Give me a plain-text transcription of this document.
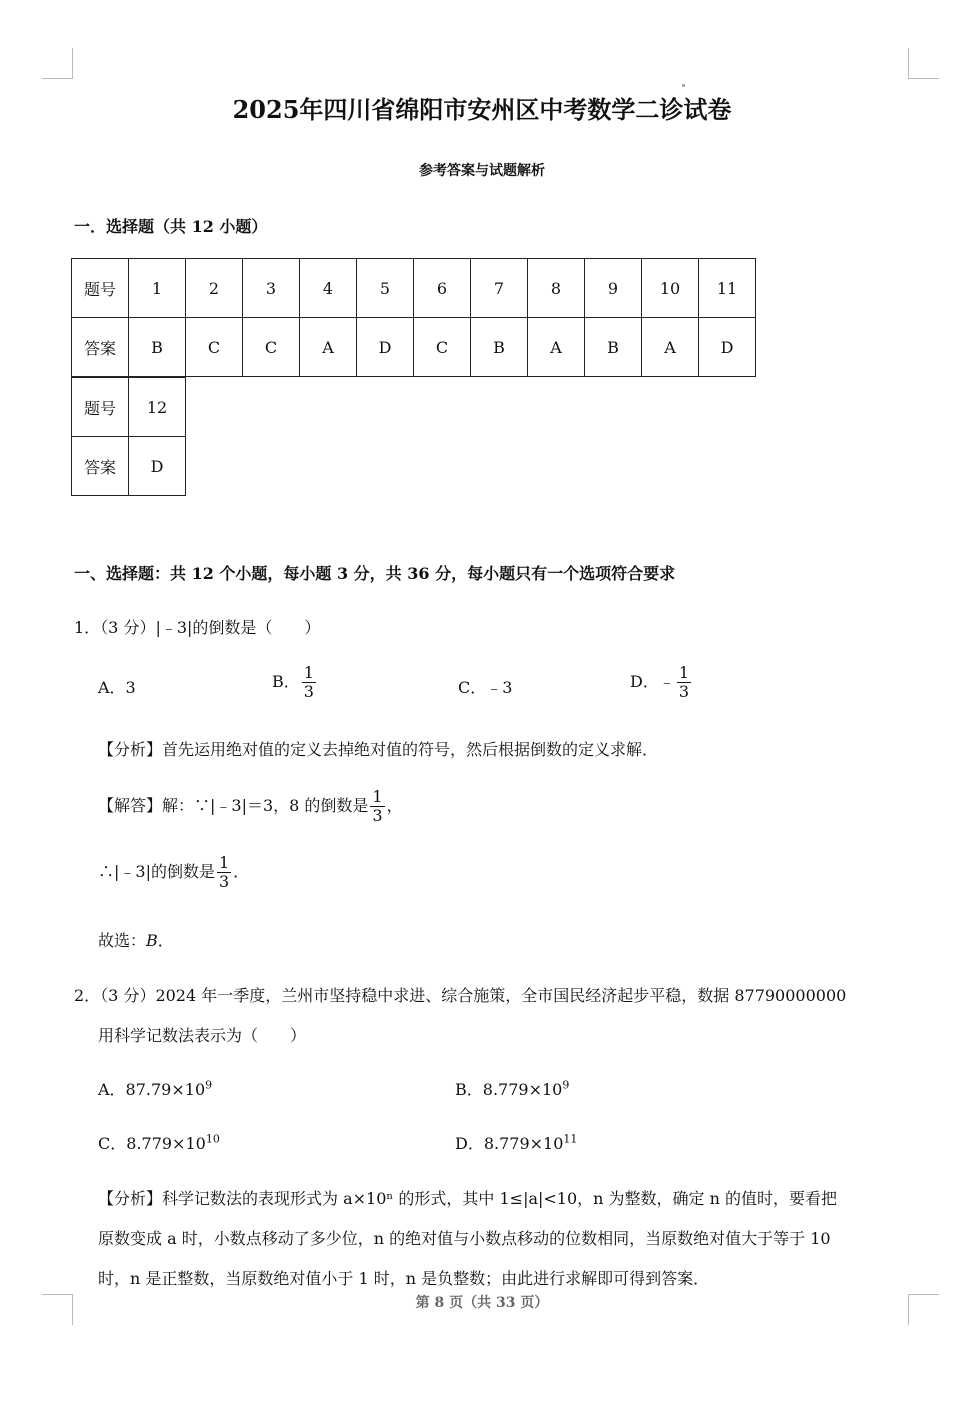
2025年四川省绵阳市安州区中考数学二诊试卷
参考答案与试题解析
一．选择题（共 12 小题）
题号	1	2	3	4	5	6	7	8	9	10	11
答案	B	C	C	A	D	C	B	A	B	A	D
题号	12
答案	D
一、选择题：共 12 个小题，每小题 3 分，共 36 分，每小题只有一个选项符合要求
1．（3 分）|﹣3|的倒数是（　　）
A．3	B． $\frac{1}{3}$	C．﹣3	D．﹣ $\frac{1}{3}$
【分析】首先运用绝对值的定义去掉绝对值的符号，然后根据倒数的定义求解．
【解答】解：∵|﹣3|＝3，8 的倒数是 $\frac{1}{3}$ ，
∴|﹣3|的倒数是 $\frac{1}{3}$ ．
故选：B．
2．（3 分）2024 年一季度，兰州市坚持稳中求进、综合施策，全市国民经济起步平稳，数据 87790000000
用科学记数法表示为（　　）
A．$87.79\times 10^9$	B．$8.779\times 10^9$
C．$8.779\times 10^{10}$	D．$8.779\times 10^{11}$
【分析】科学记数法的表现形式为 a×10ⁿ 的形式，其中 1≤|a|<10，n 为整数，确定 n 的值时，要看把
原数变成 a 时，小数点移动了多少位，n 的绝对值与小数点移动的位数相同，当原数绝对值大于等于 10
时，n 是正整数，当原数绝对值小于 1 时，n 是负整数；由此进行求解即可得到答案．
第 8 页（共 33 页）
